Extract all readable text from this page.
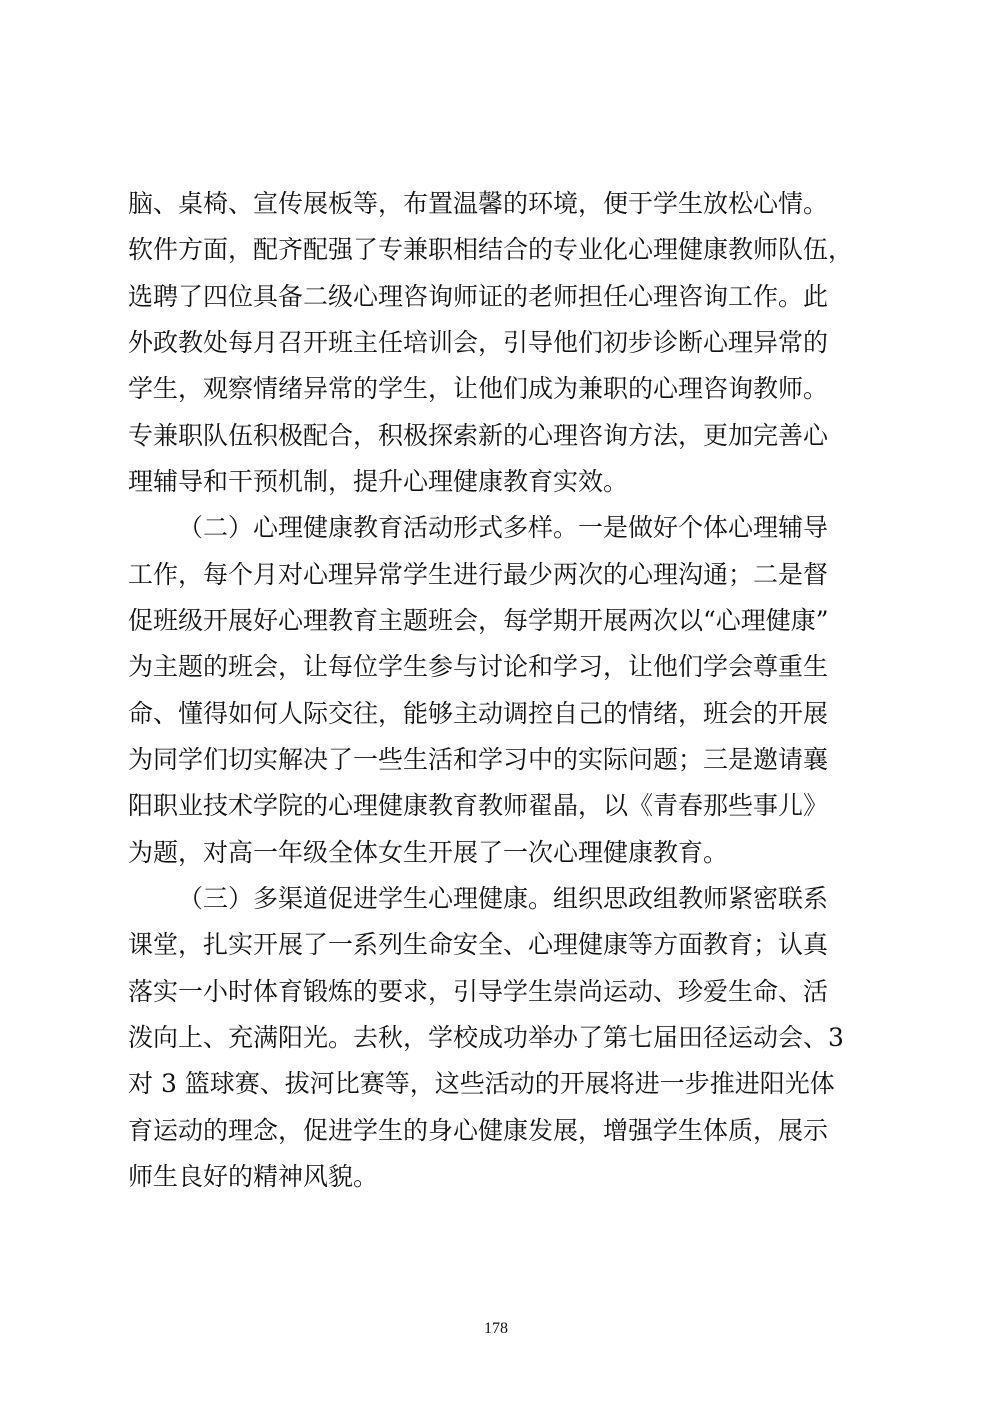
脑、桌椅、宣传展板等，布置温馨的环境，便于学生放松心情。
软件方面，配齐配强了专兼职相结合的专业化心理健康教师队伍，
选聘了四位具备二级心理咨询师证的老师担任心理咨询工作。此
外政教处每月召开班主任培训会，引导他们初步诊断心理异常的
学生，观察情绪异常的学生，让他们成为兼职的心理咨询教师。
专兼职队伍积极配合，积极探索新的心理咨询方法，更加完善心
理辅导和干预机制，提升心理健康教育实效。
（二）心理健康教育活动形式多样。一是做好个体心理辅导
工作，每个月对心理异常学生进行最少两次的心理沟通；二是督
促班级开展好心理教育主题班会，每学期开展两次以“心理健康”
为主题的班会，让每位学生参与讨论和学习，让他们学会尊重生
命、懂得如何人际交往，能够主动调控自己的情绪，班会的开展
为同学们切实解决了一些生活和学习中的实际问题；三是邀请襄
阳职业技术学院的心理健康教育教师翟晶，以《青春那些事儿》
为题，对高一年级全体女生开展了一次心理健康教育。
（三）多渠道促进学生心理健康。组织思政组教师紧密联系
课堂，扎实开展了一系列生命安全、心理健康等方面教育；认真
落实一小时体育锻炼的要求，引导学生崇尚运动、珍爱生命、活
泼向上、充满阳光。去秋，学校成功举办了第七届田径运动会、3
对 3 篮球赛、拔河比赛等，这些活动的开展将进一步推进阳光体
育运动的理念，促进学生的身心健康发展，增强学生体质，展示
师生良好的精神风貌。
178
